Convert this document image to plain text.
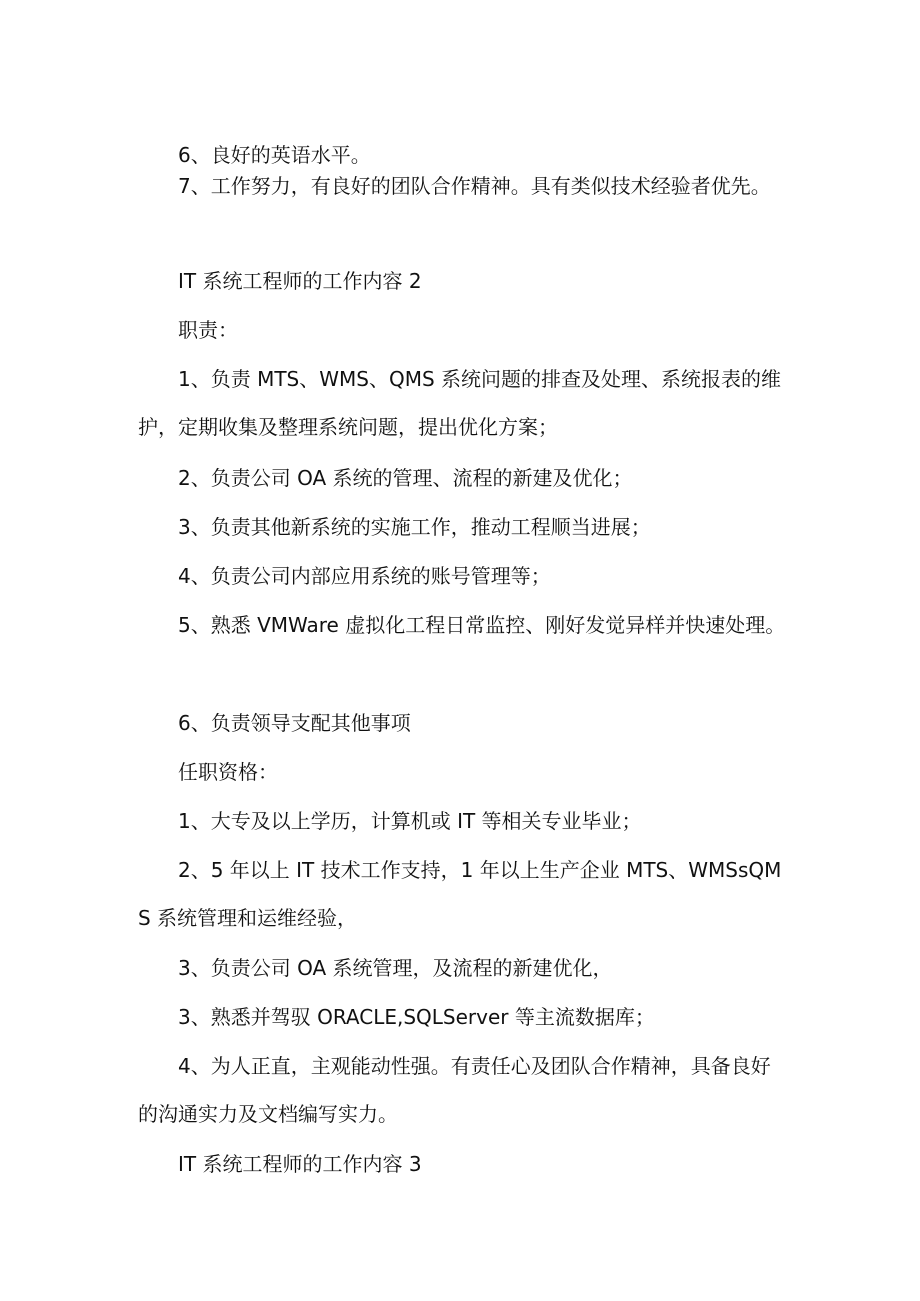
6、良好的英语水平。

7、工作努力，有良好的团队合作精神。具有类似技术经验者优先。

IT 系统工程师的工作内容 2

职责：

1、负责 MTS、WMS、QMS 系统问题的排查及处理、系统报表的维护，定期收集及整理系统问题，提出优化方案；

2、负责公司 OA 系统的管理、流程的新建及优化；

3、负责其他新系统的实施工作，推动工程顺当进展；

4、负责公司内部应用系统的账号管理等；

5、熟悉 VMWare 虚拟化工程日常监控、刚好发觉异样并快速处理。

6、负责领导支配其他事项

任职资格：

1、大专及以上学历，计算机或 IT 等相关专业毕业；

2、5 年以上 IT 技术工作支持，1 年以上生产企业 MTS、WMSsQMS 系统管理和运维经验，

3、负责公司 OA 系统管理，及流程的新建优化，

3、熟悉并驾驭 ORACLE,SQLServer 等主流数据库；

4、为人正直，主观能动性强。有责任心及团队合作精神，具备良好的沟通实力及文档编写实力。

IT 系统工程师的工作内容 3
